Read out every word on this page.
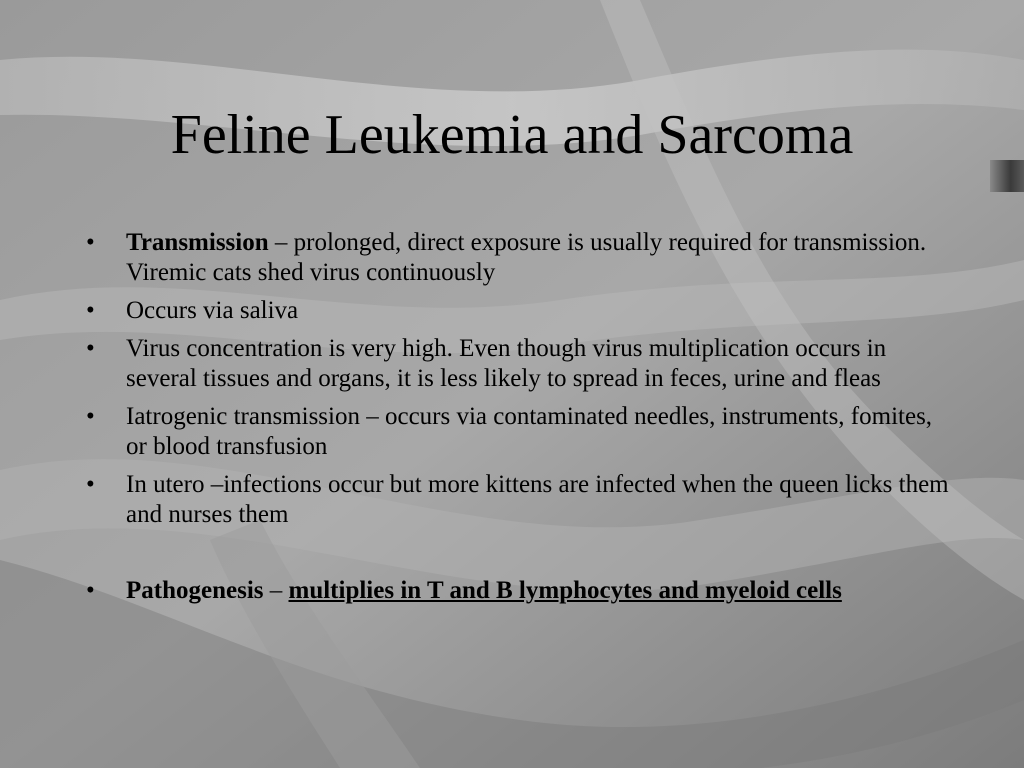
Feline Leukemia and Sarcoma
• Transmission – prolonged, direct exposure is usually required for transmission. Viremic cats shed virus continuously
• Occurs via saliva
• Virus concentration is very high. Even though virus multiplication occurs in several tissues and organs, it is less likely to spread in feces, urine and fleas
• Iatrogenic transmission – occurs via contaminated needles, instruments, fomites, or blood transfusion
• In utero –infections occur but more kittens are infected when the queen licks them and nurses them
• Pathogenesis – multiplies in T and B lymphocytes and myeloid cells
